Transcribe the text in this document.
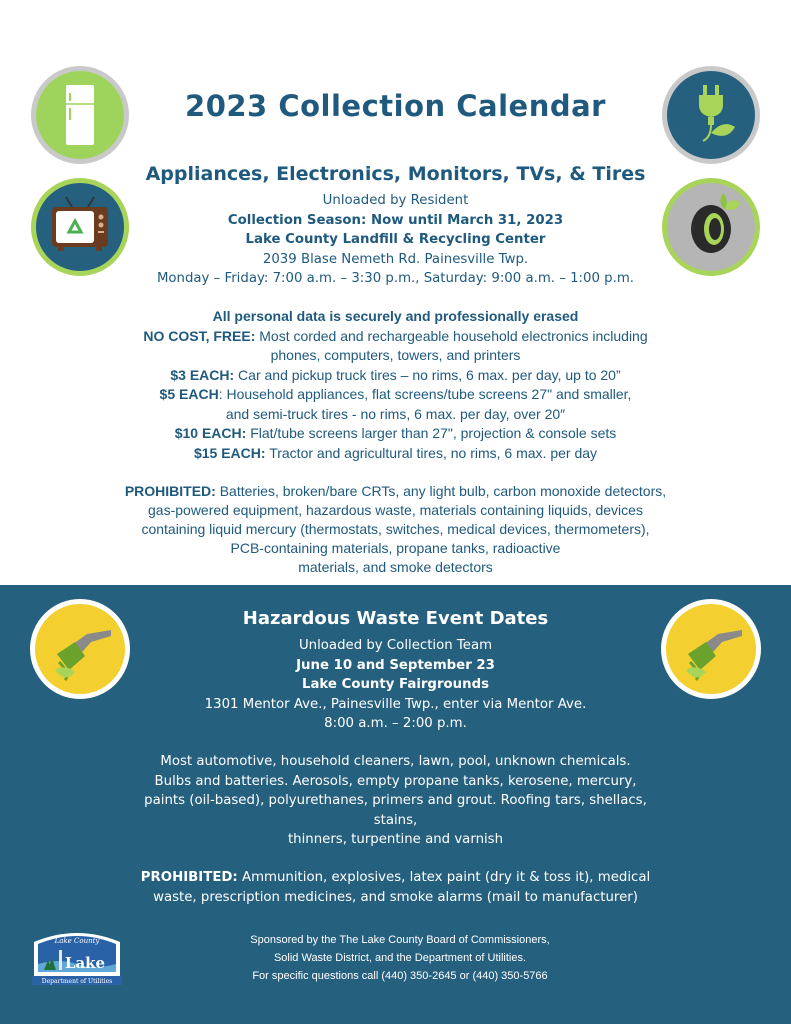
2023 Collection Calendar
Appliances, Electronics, Monitors, TVs, & Tires
Unloaded by Resident
Collection Season: Now until March 31, 2023
Lake County Landfill & Recycling Center
2039 Blase Nemeth Rd. Painesville Twp.
Monday – Friday: 7:00 a.m. – 3:30 p.m., Saturday: 9:00 a.m. – 1:00 p.m.
All personal data is securely and professionally erased
NO COST, FREE: Most corded and rechargeable household electronics including
phones, computers, towers, and printers
$3 EACH: Car and pickup truck tires – no rims, 6 max. per day, up to 20”
$5 EACH: Household appliances, flat screens/tube screens 27" and smaller,
and semi-truck tires - no rims, 6 max. per day, over 20″
$10 EACH: Flat/tube screens larger than 27", projection & console sets
$15 EACH: Tractor and agricultural tires, no rims, 6 max. per day
PROHIBITED: Batteries, broken/bare CRTs, any light bulb, carbon monoxide detectors,
gas-powered equipment, hazardous waste, materials containing liquids, devices
containing liquid mercury (thermostats, switches, medical devices, thermometers),
PCB-containing materials, propane tanks, radioactive
materials, and smoke detectors
Hazardous Waste Event Dates
Unloaded by Collection Team
June 10 and September 23
Lake County Fairgrounds
1301 Mentor Ave., Painesville Twp., enter via Mentor Ave.
8:00 a.m. – 2:00 p.m.
Most automotive, household cleaners, lawn, pool, unknown chemicals.
Bulbs and batteries. Aerosols, empty propane tanks, kerosene, mercury,
paints (oil-based), polyurethanes, primers and grout. Roofing tars, shellacs,
stains,
thinners, turpentine and varnish
PROHIBITED: Ammunition, explosives, latex paint (dry it & toss it), medical
waste, prescription medicines, and smoke alarms (mail to manufacturer)
Lake County
Lake
Department of Utilities
Sponsored by the The Lake County Board of Commissioners,
Solid Waste District, and the Department of Utilities.
For specific questions call (440) 350-2645 or (440) 350-5766
